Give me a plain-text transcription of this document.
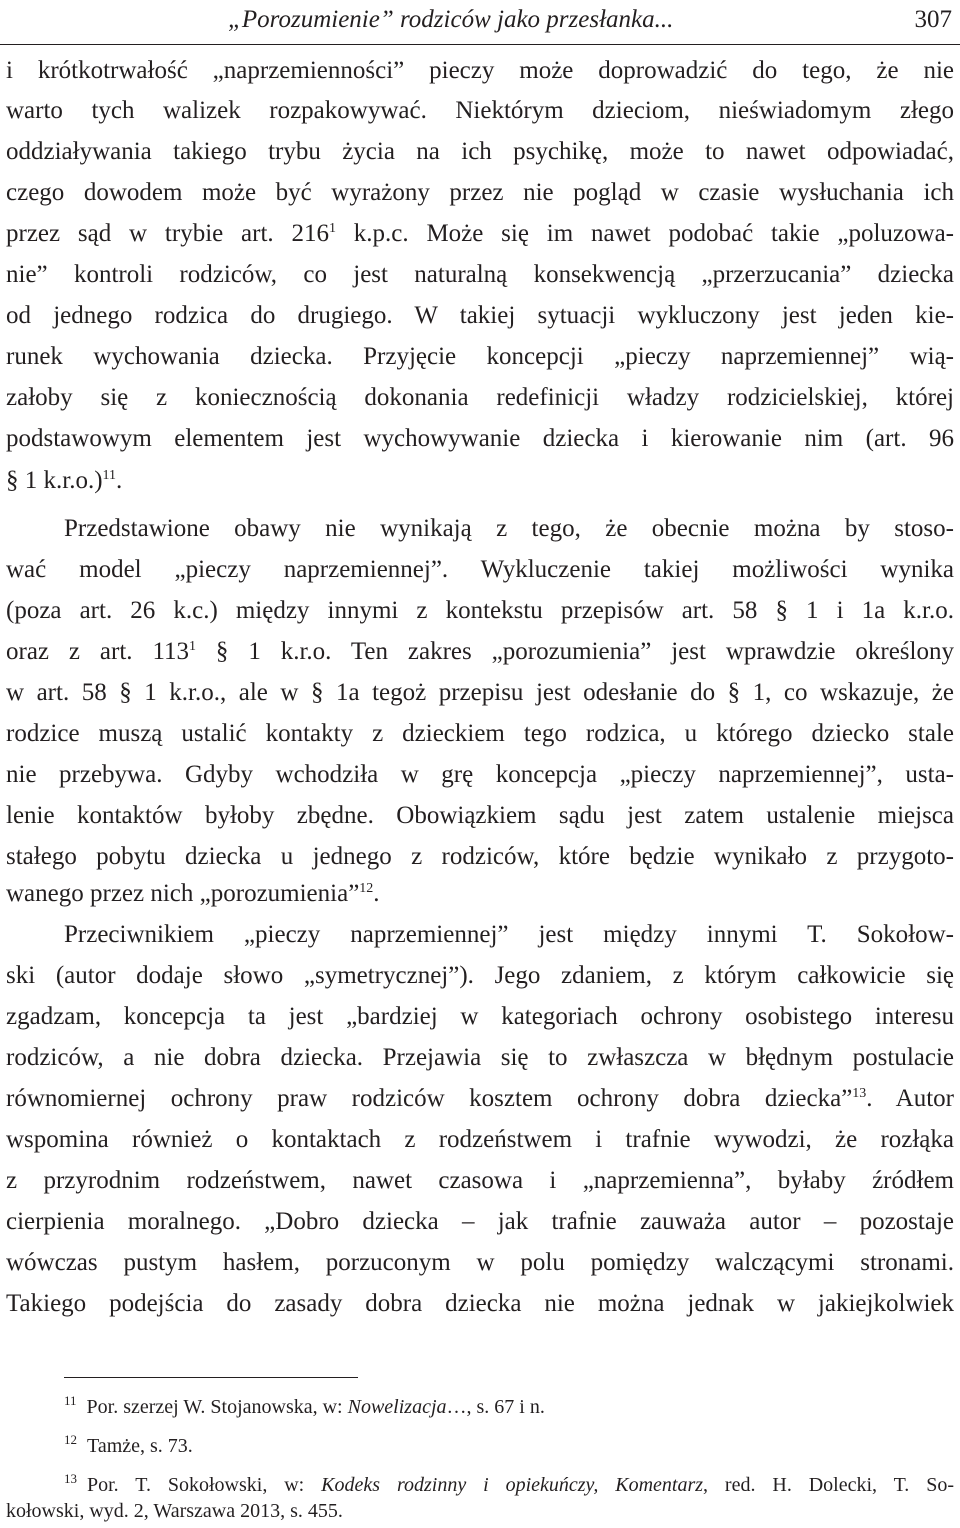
„Porozumienie” rodziców jako przesłanka...	307
i krótkotrwałość „naprzemienności” pieczy może doprowadzić do tego, że nie
warto tych walizek rozpakowywać. Niektórym dzieciom, nieświadomym złego
oddziaływania takiego trybu życia na ich psychikę, może to nawet odpowiadać,
czego dowodem może być wyrażony przez nie pogląd w czasie wysłuchania ich
przez sąd w trybie art. $216^1$ k.p.c. Może się im nawet podobać takie „poluzowa-
nie” kontroli rodziców, co jest naturalną konsekwencją „przerzucania” dziecka
od jednego rodzica do drugiego. W takiej sytuacji wykluczony jest jeden kie-
runek wychowania dziecka. Przyjęcie koncepcji „pieczy naprzemiennej” wią-
załoby się z koniecznością dokonania redefinicji władzy rodzicielskiej, której
podstawowym elementem jest wychowywanie dziecka i kierowanie nim (art. 96
§ 1 k.r.o.)$^{11}$.
Przedstawione obawy nie wynikają z tego, że obecnie można by stoso-
wać model „pieczy naprzemiennej”. Wykluczenie takiej możliwości wynika
(poza art. 26 k.c.) między innymi z kontekstu przepisów art. 58 § 1 i 1a k.r.o.
oraz z art. $113^1$ § 1 k.r.o. Ten zakres „porozumienia” jest wprawdzie określony
w art. 58 § 1 k.r.o., ale w § 1a tegoż przepisu jest odesłanie do § 1, co wskazuje, że
rodzice muszą ustalić kontakty z dzieckiem tego rodzica, u którego dziecko stale
nie przebywa. Gdyby wchodziła w grę koncepcja „pieczy naprzemiennej”, usta-
lenie kontaktów byłoby zbędne. Obowiązkiem sądu jest zatem ustalenie miejsca
stałego pobytu dziecka u jednego z rodziców, które będzie wynikało z przygoto-
wanego przez nich „porozumienia”$^{12}$.
Przeciwnikiem „pieczy naprzemiennej” jest między innymi T. Sokołow-
ski (autor dodaje słowo „symetrycznej”). Jego zdaniem, z którym całkowicie się
zgadzam, koncepcja ta jest „bardziej w kategoriach ochrony osobistego interesu
rodziców, a nie dobra dziecka. Przejawia się to zwłaszcza w błędnym postulacie
równomiernej ochrony praw rodziców kosztem ochrony dobra dziecka”$^{13}$. Autor
wspomina również o kontaktach z rodzeństwem i trafnie wywodzi, że rozłąka
z przyrodnim rodzeństwem, nawet czasowa i „naprzemienna”, byłaby źródłem
cierpienia moralnego. „Dobro dziecka – jak trafnie zauważa autor – pozostaje
wówczas pustym hasłem, porzuconym w polu pomiędzy walczącymi stronami.
Takiego podejścia do zasady dobra dziecka nie można jednak w jakiejkolwiek
$^{11}$ Por. szerzej W. Stojanowska, w: Nowelizacja…, s. 67 i n.
$^{12}$ Tamże, s. 73.
$^{13}$ Por. T. Sokołowski, w: Kodeks rodzinny i opiekuńczy, Komentarz, red. H. Dolecki, T. So-
kołowski, wyd. 2, Warszawa 2013, s. 455.
